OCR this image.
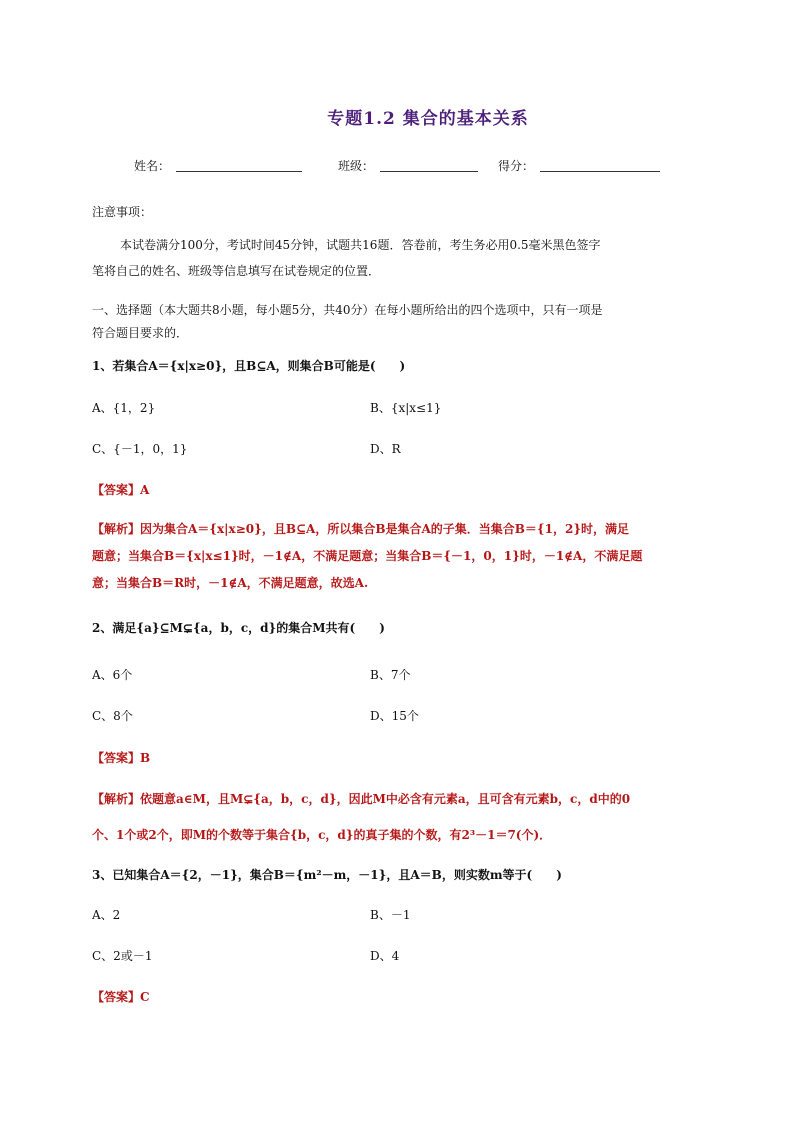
专题1.2 集合的基本关系
姓名：	班级：	得分：
注意事项：
本试卷满分100分，考试时间45分钟，试题共16题．答卷前，考生务必用0.5毫米黑色签字
笔将自己的姓名、班级等信息填写在试卷规定的位置．
一、选择题（本大题共8小题，每小题5分，共40分）在每小题所给出的四个选项中，只有一项是
符合题目要求的．
1、若集合A＝{x|x≥0}，且B⊆A，则集合B可能是(　　)
A、{1，2}	B、{x|x≤1}
C、{－1，0，1}	D、R
【答案】A
【解析】因为集合A＝{x|x≥0}，且B⊆A，所以集合B是集合A的子集．当集合B＝{1，2}时，满足
题意；当集合B＝{x|x≤1}时，－1∉A，不满足题意；当集合B＝{－1，0，1}时，－1∉A，不满足题
意；当集合B＝R时，－1∉A，不满足题意，故选A.
2、满足{a}⊆M⊊{a，b，c，d}的集合M共有(　　)
A、6个	B、7个
C、8个	D、15个
【答案】B
【解析】依题意a∈M，且M⊊{a，b，c，d}，因此M中必含有元素a，且可含有元素b，c，d中的0
个、1个或2个，即M的个数等于集合{b，c，d}的真子集的个数，有2³－1＝7(个)．
3、已知集合A＝{2，－1}，集合B＝{m²－m，－1}，且A＝B，则实数m等于(　　)
A、2	B、－1
C、2或－1	D、4
【答案】C
